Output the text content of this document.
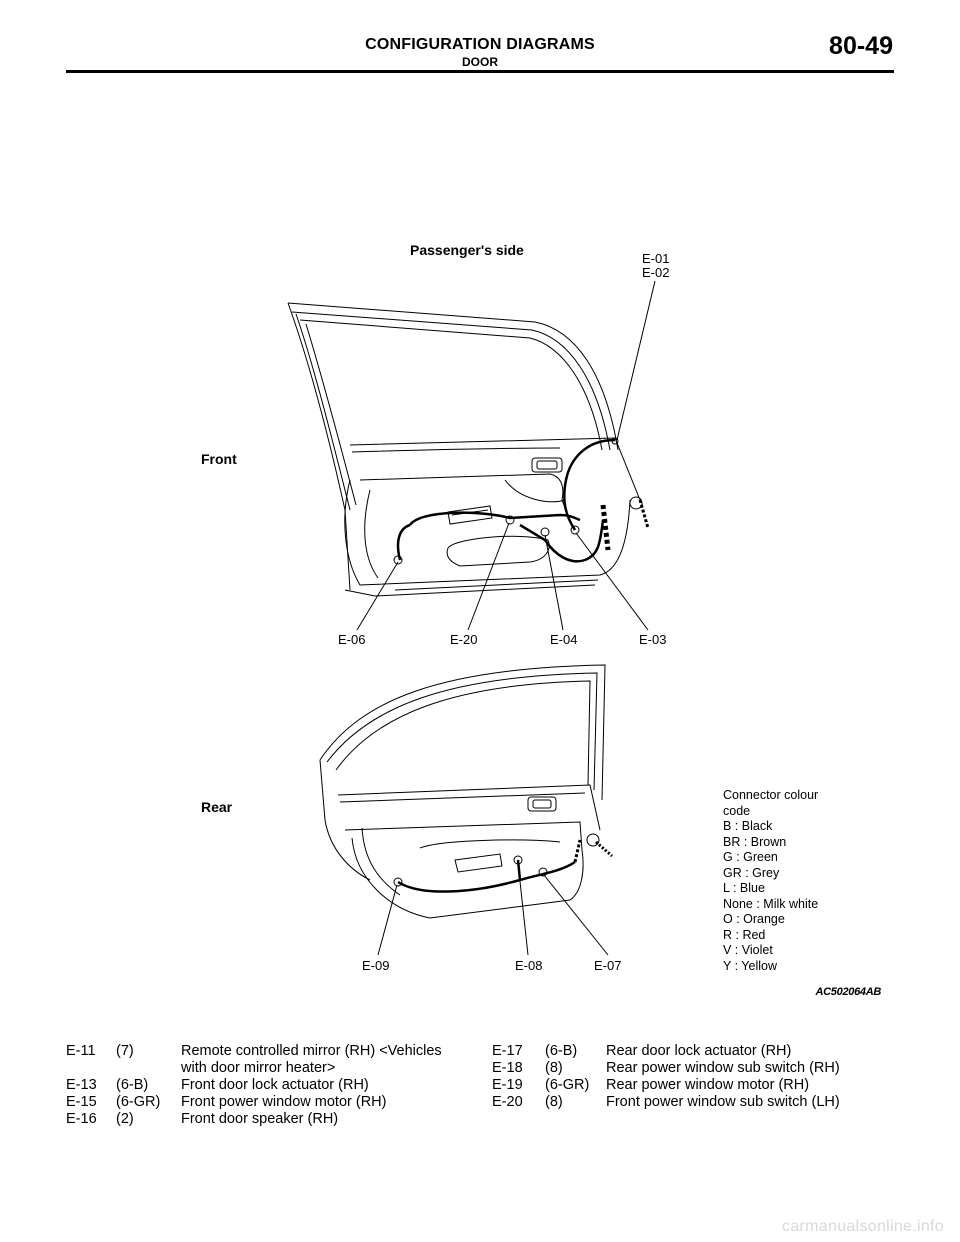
CONFIGURATION DIAGRAMS
DOOR
80-49
Passenger's side
Front
Rear
E-01
E-02
E-06	E-20	E-04	E-03
E-09	E-08	E-07
Connector colour
code
B : Black
BR : Brown
G : Green
GR : Grey
L : Blue
None : Milk white
O : Orange
R : Red
V : Violet
Y : Yellow
AC502064AB
E-11	(7)	Remote controlled mirror (RH) <Vehicles
with door mirror heater>
E-13	(6-B)	Front door lock actuator (RH)
E-15	(6-GR)	Front power window motor (RH)
E-16	(2)	Front door speaker (RH)
E-17	(6-B)	Rear door lock actuator (RH)
E-18	(8)	Rear power window sub switch (RH)
E-19	(6-GR)	Rear power window motor (RH)
E-20	(8)	Front power window sub switch (LH)
carmanualsonline.info
